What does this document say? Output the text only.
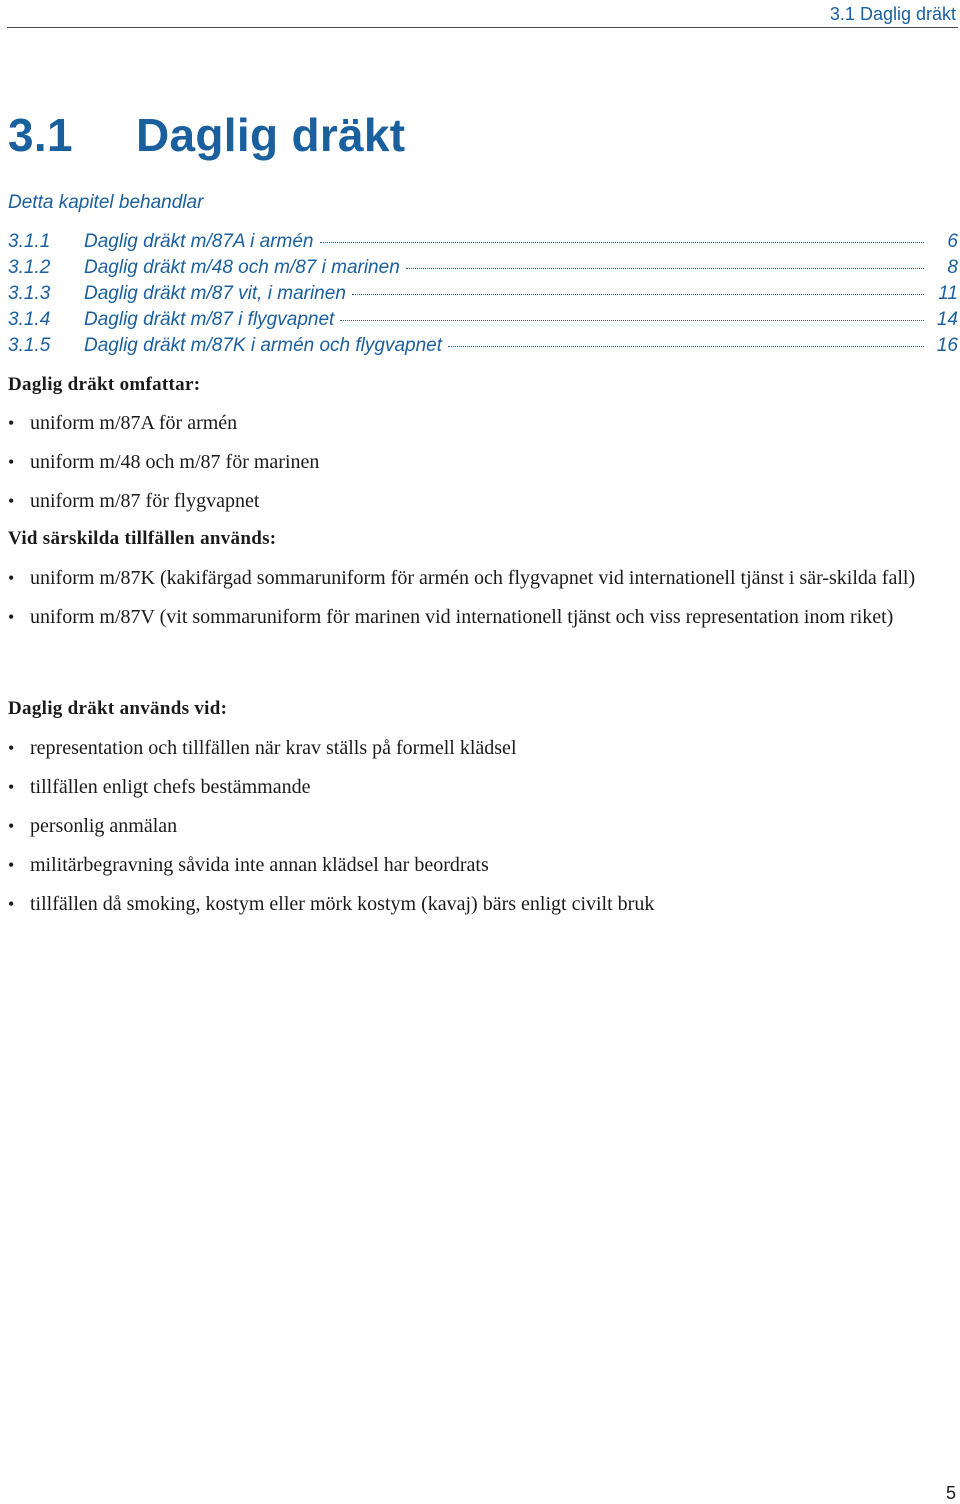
3.1 Daglig dräkt
3.1 Daglig dräkt
Detta kapitel behandlar
3.1.1	Daglig dräkt m/87A i armén	6
3.1.2	Daglig dräkt m/48 och m/87 i marinen	8
3.1.3	Daglig dräkt m/87 vit, i marinen	11
3.1.4	Daglig dräkt m/87 i flygvapnet	14
3.1.5	Daglig dräkt m/87K i armén och flygvapnet	16
Daglig dräkt omfattar:
• uniform m/87A för armén
• uniform m/48 och m/87 för marinen
• uniform m/87 för flygvapnet
Vid särskilda tillfällen används:
• uniform m/87K (kakifärgad sommaruniform för armén och flygvapnet vid internationell tjänst i sär-skilda fall)
• uniform m/87V (vit sommaruniform för marinen vid internationell tjänst och viss representation inom riket)
Daglig dräkt används vid:
• representation och tillfällen när krav ställs på formell klädsel
• tillfällen enligt chefs bestämmande
• personlig anmälan
• militärbegravning såvida inte annan klädsel har beordrats
• tillfällen då smoking, kostym eller mörk kostym (kavaj) bärs enligt civilt bruk
5
